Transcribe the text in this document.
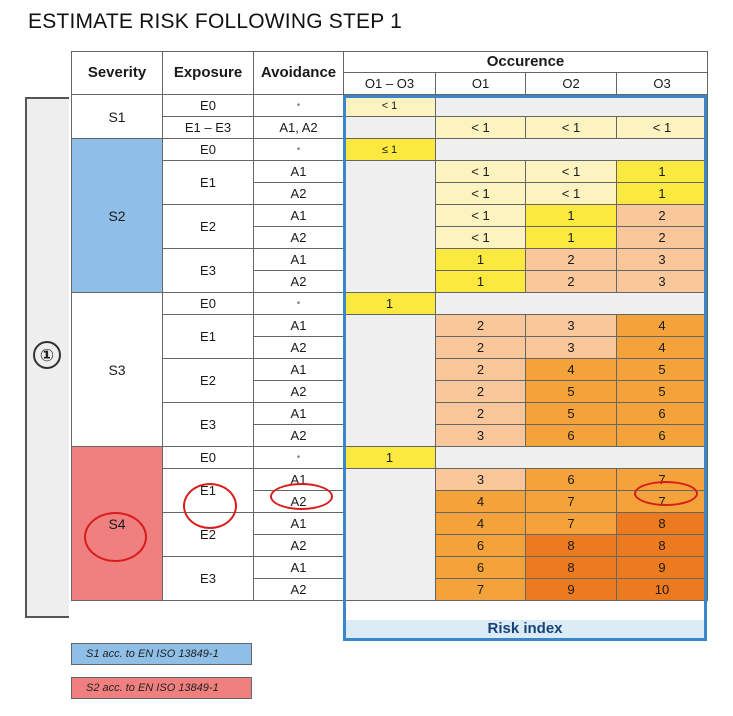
ESTIMATE RISK FOLLOWING STEP 1
①
Severity	Exposure	Avoidance	Occurence			
			O1 – O3	O1	O2	O3
S1	E0	•	< 1			
	E1 – E3	A1, A2		< 1	< 1	< 1
S2	E0	•	≤ 1			
	E1	A1		< 1	< 1	1
		A2		< 1	< 1	1
	E2	A1		< 1	1	2
		A2		< 1	1	2
	E3	A1		1	2	3
		A2		1	2	3
S3	E0	•	1			
	E1	A1		2	3	4
		A2		2	3	4
	E2	A1		2	4	5
		A2		2	5	5
	E3	A1		2	5	6
		A2		3	6	6
S4	E0	•	1			
	E1	A1		3	6	7
		A2		4	7	7
	E2	A1		4	7	8
		A2		6	8	8
	E3	A1		6	8	9
		A2		7	9	10
Risk index
S1 acc. to EN ISO 13849-1
S2 acc. to EN ISO 13849-1
